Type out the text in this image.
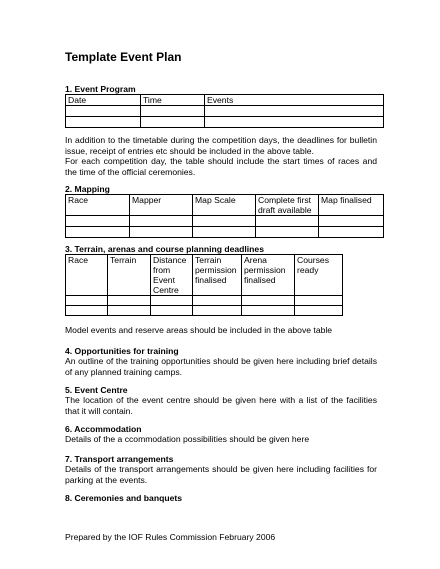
Template Event Plan
1. Event Program
Date	Time	Events

In addition to the timetable during the competition days, the deadlines for bulletin
issue, receipt of entries etc should be included in the above table.
For each competition day, the table should include the start times of races and
the time of the official ceremonies.
2. Mapping
Race	Mapper	Map Scale	Complete first draft available	Map finalised

3. Terrain, arenas and course planning deadlines
Race	Terrain	Distance from Event Centre	Terrain permission finalised	Arena permission finalised	Courses ready

Model events and reserve areas should be included in the above table
4. Opportunities for training
An outline of the training opportunities should be given here including brief details
of any planned training camps.
5. Event Centre
The location of the event centre should be given here with a list of the facilities
that it will contain.
6. Accommodation
Details of the a ccommodation possibilities should be given here
7. Transport arrangements
Details of the transport arrangements should be given here including facilities for
parking at the events.
8. Ceremonies and banquets
Prepared by the IOF Rules Commission February 2006
